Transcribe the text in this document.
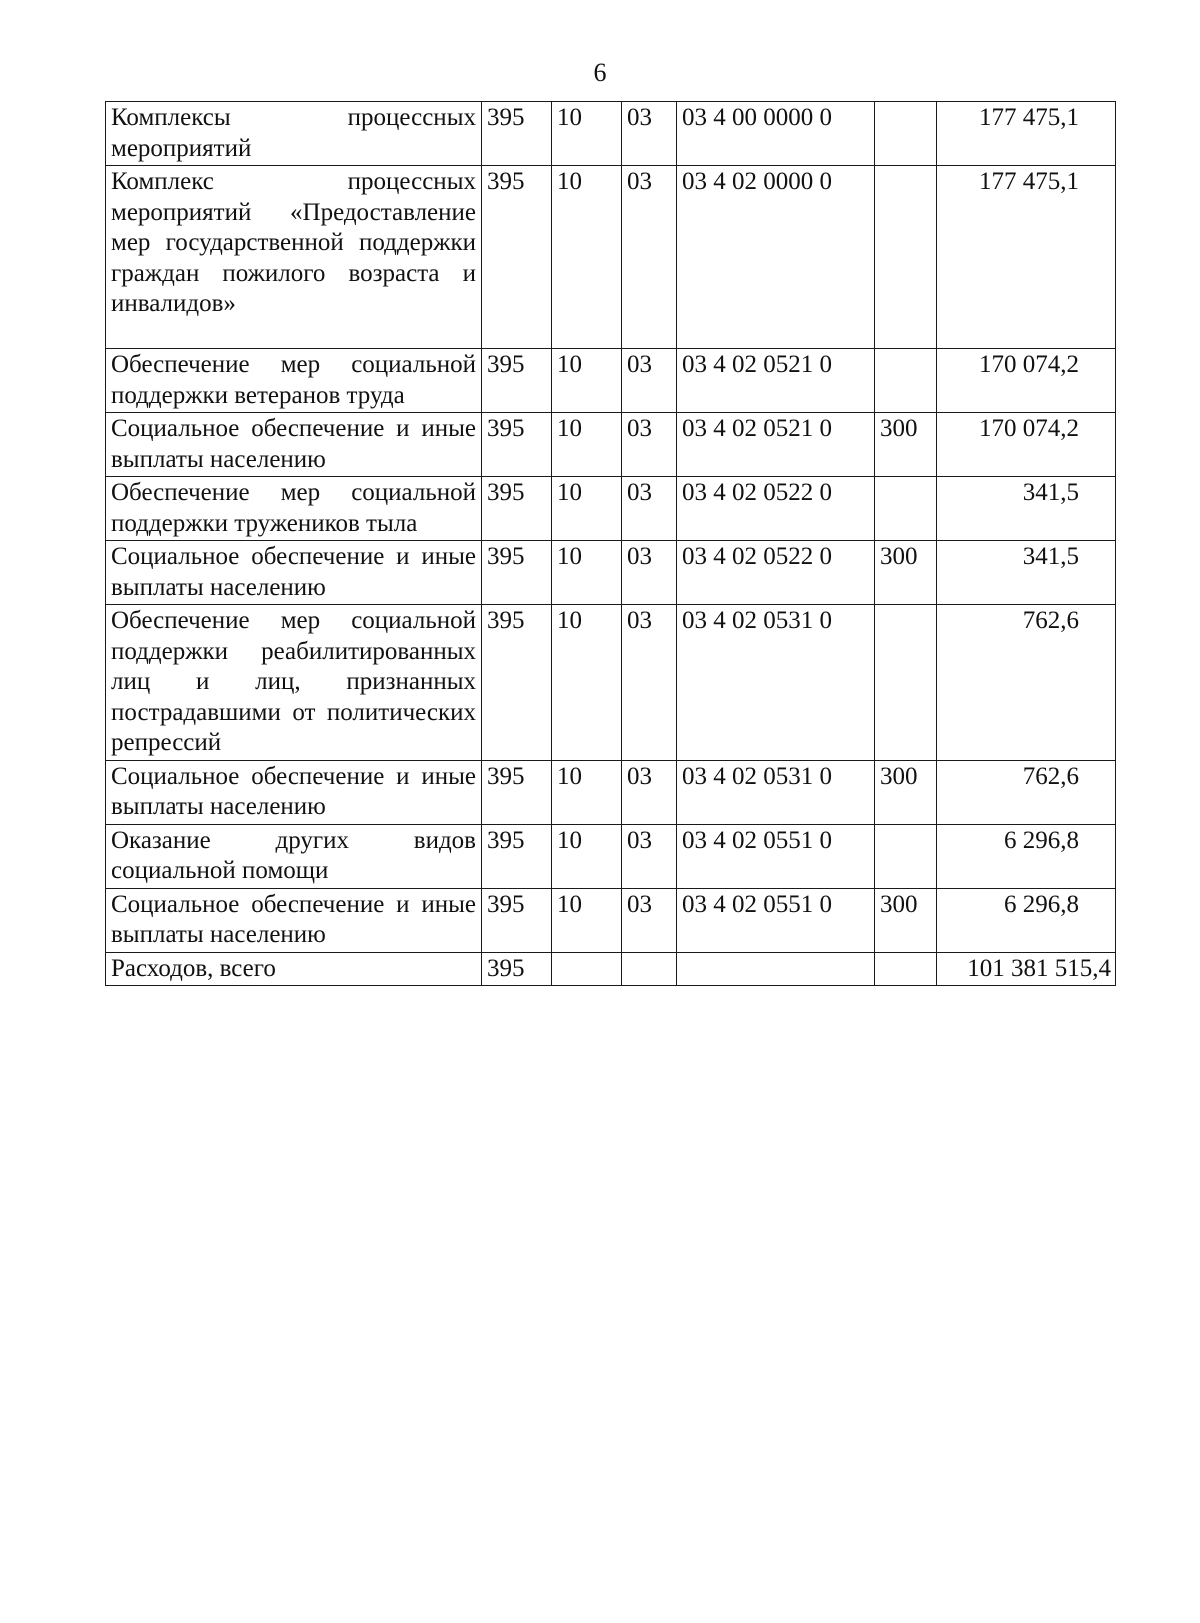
6
Комплексы процессных мероприятий	395	10	03	03 4 00 0000 0		177 475,1
Комплекс процессных мероприятий «Предоставление мер государственной поддержки граждан пожилого возраста и инвалидов»	395	10	03	03 4 02 0000 0		177 475,1
Обеспечение мер социальной поддержки ветеранов труда	395	10	03	03 4 02 0521 0		170 074,2
Социальное обеспечение и иные выплаты населению	395	10	03	03 4 02 0521 0	300	170 074,2
Обеспечение мер социальной поддержки тружеников тыла	395	10	03	03 4 02 0522 0		341,5
Социальное обеспечение и иные выплаты населению	395	10	03	03 4 02 0522 0	300	341,5
Обеспечение мер социальной поддержки реабилитированных лиц и лиц, признанных пострадавшими от политических репрессий	395	10	03	03 4 02 0531 0		762,6
Социальное обеспечение и иные выплаты населению	395	10	03	03 4 02 0531 0	300	762,6
Оказание других видов социальной помощи	395	10	03	03 4 02 0551 0		6 296,8
Социальное обеспечение и иные выплаты населению	395	10	03	03 4 02 0551 0	300	6 296,8
Расходов, всего	395					101 381 515,4
